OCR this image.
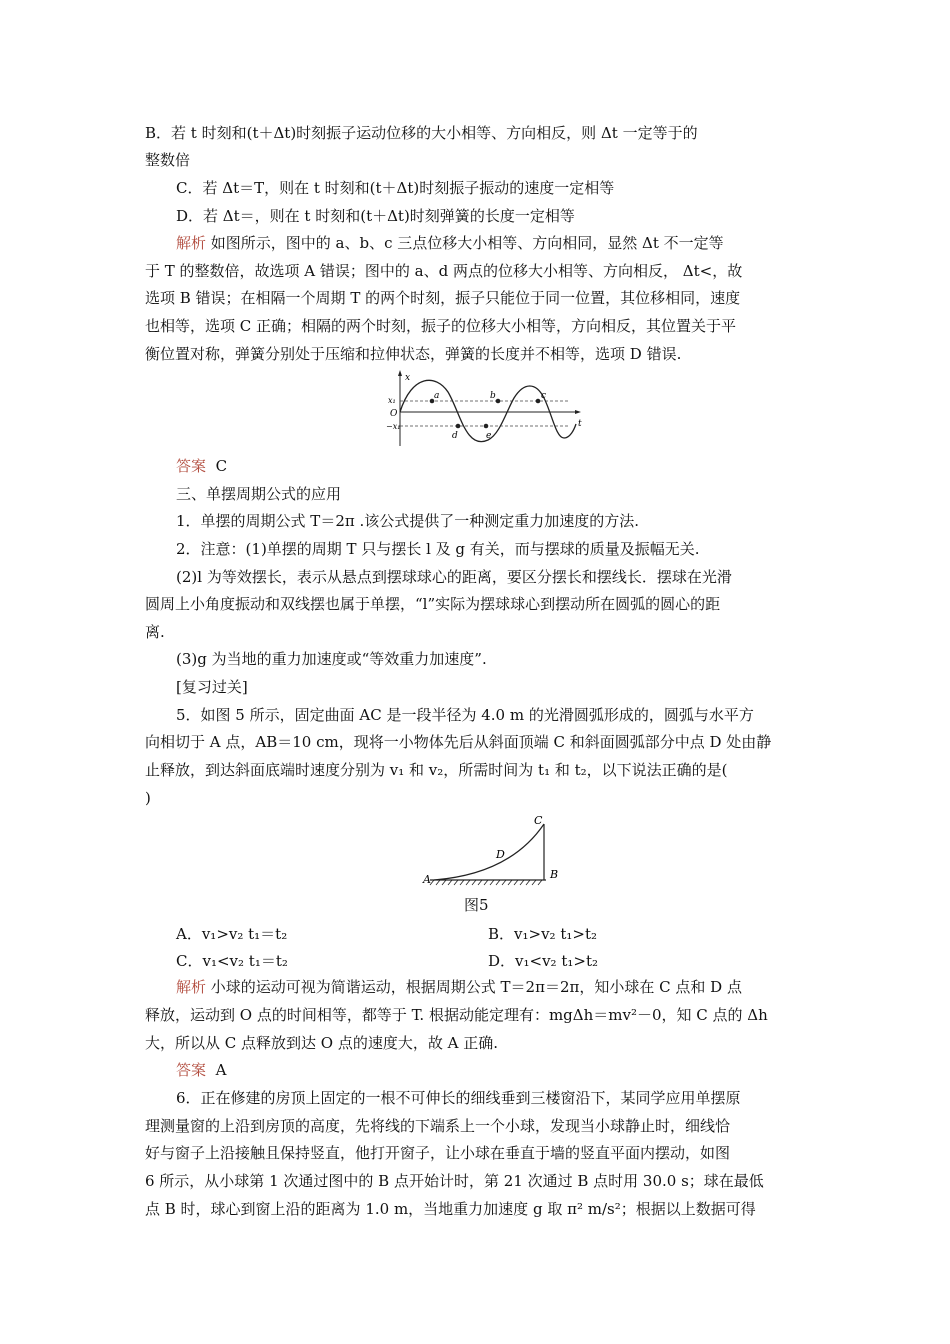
B．若 t 时刻和(t＋Δt)时刻振子运动位移的大小相等、方向相反，则 Δt 一定等于的
整数倍
C．若 Δt＝T，则在 t 时刻和(t＋Δt)时刻振子振动的速度一定相等
D．若 Δt＝，则在 t 时刻和(t＋Δt)时刻弹簧的长度一定相等
解析 如图所示，图中的 a、b、c 三点位移大小相等、方向相同，显然 Δt 不一定等
于 T 的整数倍，故选项 A 错误；图中的 a、d 两点的位移大小相等、方向相反， Δt<，故
选项 B 错误；在相隔一个周期 T 的两个时刻，振子只能位于同一位置，其位移相同，速度
也相等，选项 C 正确；相隔的两个时刻，振子的位移大小相等，方向相反，其位置关于平
衡位置对称，弹簧分别处于压缩和拉伸状态，弹簧的长度并不相等，选项 D 错误.
x
t
x₁
−x₁
O
a	b	c
d	e
答案 C
三、单摆周期公式的应用
1．单摆的周期公式 T＝2π .该公式提供了一种测定重力加速度的方法.
2．注意：(1)单摆的周期 T 只与摆长 l 及 g 有关，而与摆球的质量及振幅无关.
(2)l 为等效摆长，表示从悬点到摆球球心的距离，要区分摆长和摆线长．摆球在光滑
圆周上小角度振动和双线摆也属于单摆，“l”实际为摆球球心到摆动所在圆弧的圆心的距
离.
(3)g 为当地的重力加速度或“等效重力加速度”.
[复习过关]
5．如图 5 所示，固定曲面 AC 是一段半径为 4.0 m 的光滑圆弧形成的，圆弧与水平方
向相切于 A 点，AB＝10 cm，现将一小物体先后从斜面顶端 C 和斜面圆弧部分中点 D 处由静
止释放，到达斜面底端时速度分别为 v₁ 和 v₂，所需时间为 t₁ 和 t₂，以下说法正确的是(
)
A	B
C
D
图5
A．v₁>v₂ t₁＝t₂	B．v₁>v₂ t₁>t₂
C．v₁<v₂ t₁＝t₂	D．v₁<v₂ t₁>t₂
解析 小球的运动可视为简谐运动，根据周期公式 T＝2π＝2π，知小球在 C 点和 D 点
释放，运动到 O 点的时间相等，都等于 T. 根据动能定理有：mgΔh＝mv²－0，知 C 点的 Δh
大，所以从 C 点释放到达 O 点的速度大，故 A 正确.
答案 A
6．正在修建的房顶上固定的一根不可伸长的细线垂到三楼窗沿下，某同学应用单摆原
理测量窗的上沿到房顶的高度，先将线的下端系上一个小球，发现当小球静止时，细线恰
好与窗子上沿接触且保持竖直，他打开窗子，让小球在垂直于墙的竖直平面内摆动，如图
6 所示，从小球第 1 次通过图中的 B 点开始计时，第 21 次通过 B 点时用 30.0 s；球在最低
点 B 时，球心到窗上沿的距离为 1.0 m，当地重力加速度 g 取 π² m/s²；根据以上数据可得
